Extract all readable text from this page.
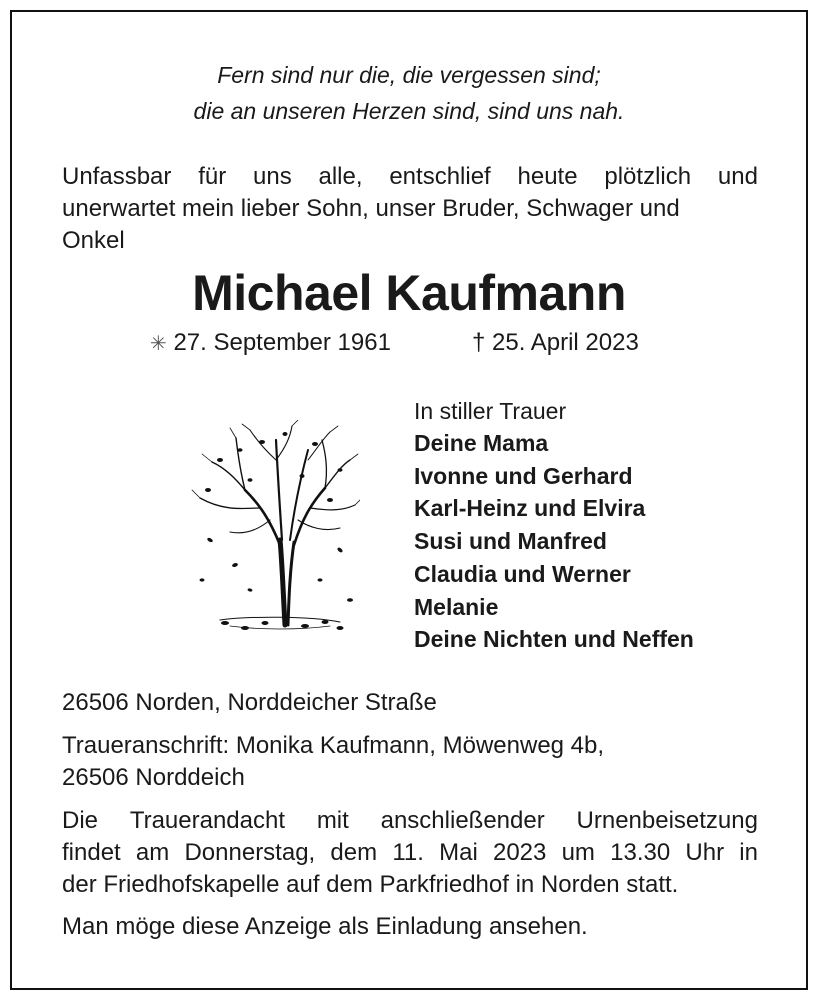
Fern sind nur die, die vergessen sind;
die an unseren Herzen sind, sind uns nah.
Unfassbar für uns alle, entschlief heute plötzlich und
unerwartet mein lieber Sohn, unser Bruder, Schwager und
Onkel
Michael Kaufmann
✳ 27. September 1961	† 25. April 2023
In stiller Trauer
Deine Mama
Ivonne und Gerhard
Karl-Heinz und Elvira
Susi und Manfred
Claudia und Werner
Melanie
Deine Nichten und Neffen
26506 Norden, Norddeicher Straße
Traueranschrift: Monika Kaufmann, Möwenweg 4b,
26506 Norddeich
Die Trauerandacht mit anschließender Urnenbeisetzung
findet am Donnerstag, dem 11. Mai 2023 um 13.30 Uhr in
der Friedhofskapelle auf dem Parkfriedhof in Norden statt.
Man möge diese Anzeige als Einladung ansehen.
